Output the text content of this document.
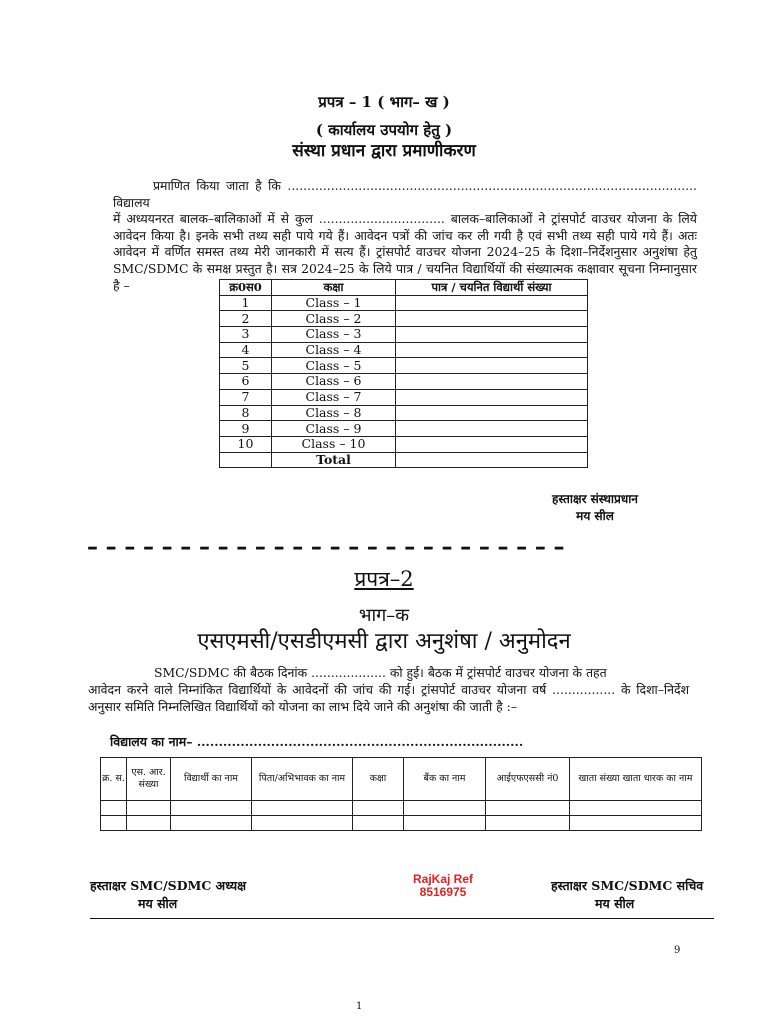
प्रपत्र – 1 ( भाग– ख )
( कार्यालय उपयोग हेतु )
संस्था प्रधान द्वारा प्रमाणीकरण

प्रमाणित किया जाता है कि ........................................................................................................ विद्यालय

में अध्ययनरत बालक–बालिकाओं में से कुल ................................ बालक–बालिकाओं ने ट्रांसपोर्ट वाउचर योजना के लिये आवेदन किया है। इनके सभी तथ्य सही पाये गये हैं। आवेदन पत्रों की जांच कर ली गयी है एवं सभी तथ्य सही पाये गये हैं। अतः आवेदन में वर्णित समस्त तथ्य मेरी जानकारी में सत्य हैं। ट्रांसपोर्ट वाउचर योजना 2024–25 के दिशा–निर्देशनुसार अनुशंषा हेतु SMC/SDMC के समक्ष प्रस्तुत है। सत्र 2024–25 के लिये पात्र / चयनित विद्यार्थियों की संख्यात्मक कक्षावार सूचना निम्नानुसार है –	क्र0स0	कक्षा	पात्र / चयनित विद्यार्थी संख्या
1	Class – 1	
2	Class – 2	
3	Class – 3	
4	Class – 4	
5	Class – 5	
6	Class – 6	
7	Class – 7	
8	Class – 8	
9	Class – 9	
10	Class – 10	
	Total	
हस्ताक्षर संस्थाप्रधान
मय सील
– – – – – – – – – – – – – – – – – – – – – – – – – –
प्रपत्र–2
भाग–क
एसएमसी/एसडीएमसी द्वारा अनुशंषा / अनुमोदन

SMC/SDMC की बैठक दिनांक ................... को हुई। बैठक में ट्रांसपोर्ट वाउचर योजना के तहत

आवेदन करने वाले निम्नांकित विद्यार्थियों के आवेदनों की जांच की गई। ट्रांसपोर्ट वाउचर योजना वर्ष ................ के दिशा–निर्देश अनुसार समिति निम्नलिखित विद्यार्थियों को योजना का लाभ दिये जाने की अनुशंषा की जाती है :–

विद्यालय का नाम– ...........................................................................
क्र. स.	एस. आर. संख्या	विद्यार्थी का नाम	पिता/अभिभावक का नाम	कक्षा	बैंक का नाम	आईएफएससी नं0	खाता संख्या खाता धारक का नाम

हस्ताक्षर SMC/SDMC अध्यक्ष
मय सील
RajKaj Ref
8516975	हस्ताक्षर SMC/SDMC सचिव
मय सील
9
1
